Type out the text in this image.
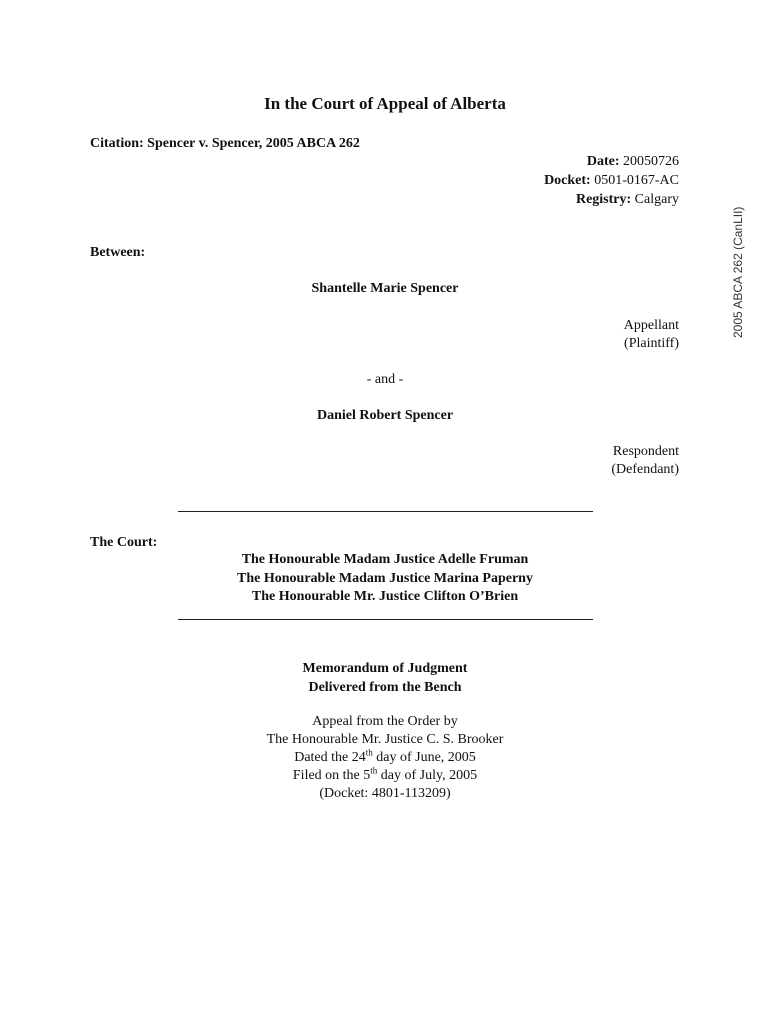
In the Court of Appeal of Alberta
Citation: Spencer v. Spencer, 2005 ABCA 262
Date: 20050726
Docket: 0501-0167-AC
Registry: Calgary
Between:
Shantelle Marie Spencer
Appellant
(Plaintiff)
- and -
Daniel Robert Spencer
Respondent
(Defendant)
The Court:
The Honourable Madam Justice Adelle Fruman
The Honourable Madam Justice Marina Paperny
The Honourable Mr. Justice Clifton O’Brien
Memorandum of Judgment
Delivered from the Bench
Appeal from the Order by
The Honourable Mr. Justice C. S. Brooker
Dated the 24th day of June, 2005
Filed on the 5th day of July, 2005
(Docket: 4801-113209)
2005 ABCA 262 (CanLII)
